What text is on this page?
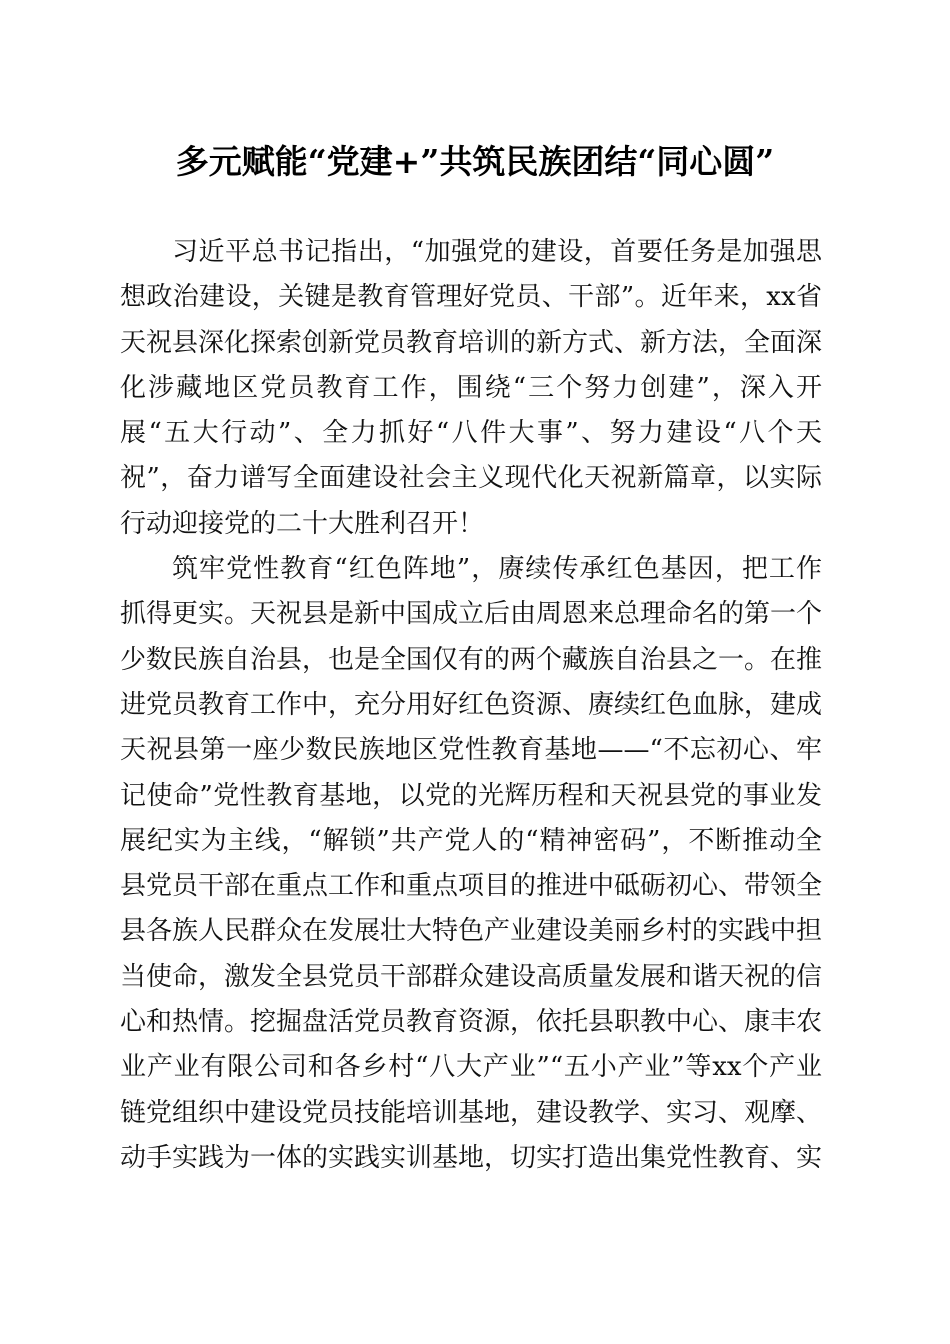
多元赋能“党建+”共筑民族团结“同心圆”

习近平总书记指出，“加强党的建设，首要任务是加强思想政治建设，关键是教育管理好党员、干部”。近年来，xx省天祝县深化探索创新党员教育培训的新方式、新方法，全面深化涉藏地区党员教育工作，围绕“三个努力创建”，深入开展“五大行动”、全力抓好“八件大事”、努力建设“八个天祝”，奋力谱写全面建设社会主义现代化天祝新篇章，以实际行动迎接党的二十大胜利召开！

筑牢党性教育“红色阵地”，赓续传承红色基因，把工作抓得更实。天祝县是新中国成立后由周恩来总理命名的第一个少数民族自治县，也是全国仅有的两个藏族自治县之一。在推进党员教育工作中，充分用好红色资源、赓续红色血脉，建成天祝县第一座少数民族地区党性教育基地——“不忘初心、牢记使命”党性教育基地，以党的光辉历程和天祝县党的事业发展纪实为主线，“解锁”共产党人的“精神密码”，不断推动全县党员干部在重点工作和重点项目的推进中砥砺初心、带领全县各族人民群众在发展壮大特色产业建设美丽乡村的实践中担当使命，激发全县党员干部群众建设高质量发展和谐天祝的信心和热情。挖掘盘活党员教育资源，依托县职教中心、康丰农业产业有限公司和各乡村“八大产业”“五小产业”等xx个产业链党组织中建设党员技能培训基地，建设教学、实习、观摩、动手实践为一体的实践实训基地，切实打造出集党性教育、实
